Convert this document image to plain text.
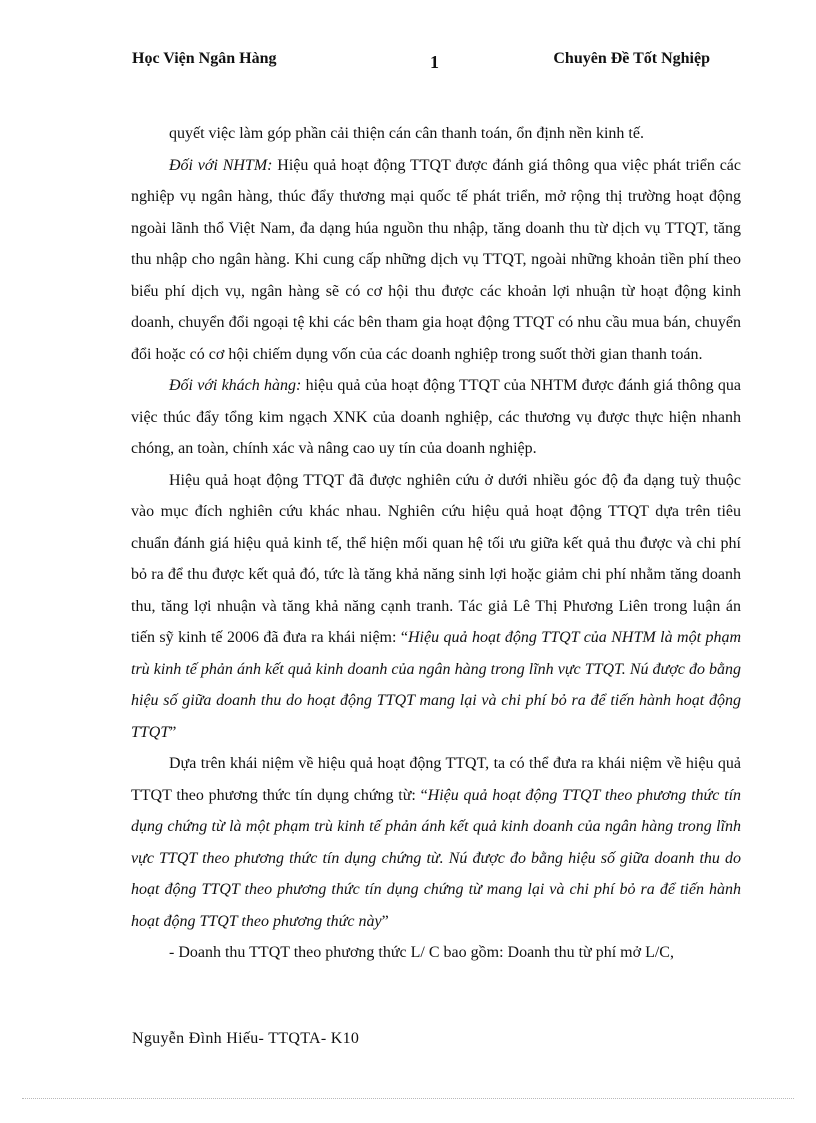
Học Viện Ngân Hàng	1	Chuyên Đề Tốt Nghiệp

quyết việc làm góp phần cải thiện cán cân thanh toán, ổn định nền kinh tế.

Đối với NHTM: Hiệu quả hoạt động TTQT được đánh giá thông qua việc phát triển các nghiệp vụ ngân hàng, thúc đẩy thương mại quốc tế phát triển, mở rộng thị trường hoạt động ngoài lãnh thổ Việt Nam, đa dạng húa nguồn thu nhập, tăng doanh thu từ dịch vụ TTQT, tăng thu nhập cho ngân hàng. Khi cung cấp những dịch vụ TTQT, ngoài những khoản tiền phí theo biểu phí dịch vụ, ngân hàng sẽ có cơ hội thu được các khoản lợi nhuận từ hoạt động kinh doanh, chuyển đổi ngoại tệ khi các bên tham gia hoạt động TTQT có nhu cầu mua bán, chuyển đổi hoặc có cơ hội chiếm dụng vốn của các doanh nghiệp trong suốt thời gian thanh toán.

Đối với khách hàng: hiệu quả của hoạt động TTQT của NHTM được đánh giá thông qua việc thúc đẩy tổng kim ngạch XNK của doanh nghiệp, các thương vụ được thực hiện nhanh chóng, an toàn, chính xác và nâng cao uy tín của doanh nghiệp.

Hiệu quả hoạt động TTQT đã được nghiên cứu ở dưới nhiều góc độ đa dạng tuỳ thuộc vào mục đích nghiên cứu khác nhau. Nghiên cứu hiệu quả hoạt động TTQT dựa trên tiêu chuẩn đánh giá hiệu quả kinh tế, thể hiện mối quan hệ tối ưu giữa kết quả thu được và chi phí bỏ ra để thu được kết quả đó, tức là tăng khả năng sinh lợi hoặc giảm chi phí nhằm tăng doanh thu, tăng lợi nhuận và tăng khả năng cạnh tranh. Tác giả Lê Thị Phương Liên trong luận án tiến sỹ kinh tế 2006 đã đưa ra khái niệm: “Hiệu quả hoạt động TTQT của NHTM là một phạm trù kinh tế phản ánh kết quả kinh doanh của ngân hàng trong lĩnh vực TTQT. Nú được đo bằng hiệu số giữa doanh thu do hoạt động TTQT mang lại và chi phí bỏ ra để tiến hành hoạt động TTQT”

Dựa trên khái niệm về hiệu quả hoạt động TTQT, ta có thể đưa ra khái niệm về hiệu quả TTQT theo phương thức tín dụng chứng từ: “Hiệu quả hoạt động TTQT theo phương thức tín dụng chứng từ là một phạm trù kinh tế phản ánh kết quả kinh doanh của ngân hàng trong lĩnh vực TTQT theo phương thức tín dụng chứng từ. Nú được đo bằng hiệu số giữa doanh thu do hoạt động TTQT theo phương thức tín dụng chứng từ mang lại và chi phí bỏ ra để tiến hành hoạt động TTQT theo phương thức này”

- Doanh thu TTQT theo phương thức L/ C bao gồm: Doanh thu từ phí mở L/C,

Nguyễn Đình Hiếu- TTQTA- K10
